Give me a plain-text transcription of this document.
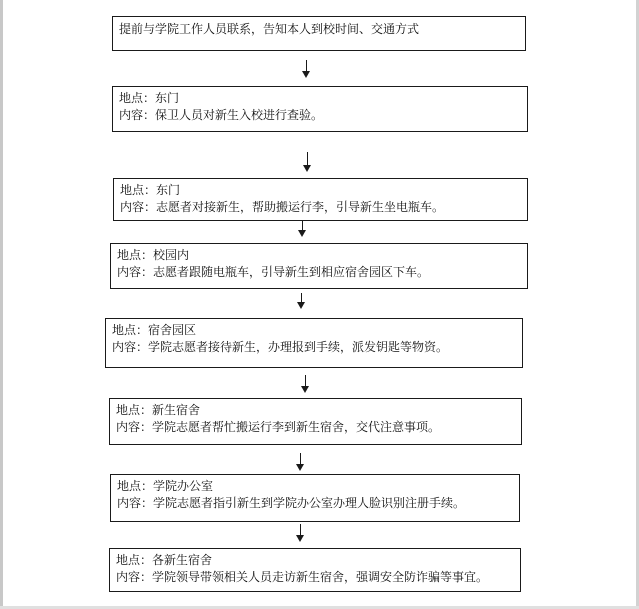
提前与学院工作人员联系，告知本人到校时间、交通方式
地点：东门
内容：保卫人员对新生入校进行查验。
地点：东门
内容：志愿者对接新生，帮助搬运行李，引导新生坐电瓶车。
地点：校园内
内容：志愿者跟随电瓶车，引导新生到相应宿舍园区下车。
地点：宿舍园区
内容：学院志愿者接待新生，办理报到手续，派发钥匙等物资。
地点：新生宿舍
内容：学院志愿者帮忙搬运行李到新生宿舍，交代注意事项。
地点：学院办公室
内容：学院志愿者指引新生到学院办公室办理人脸识别注册手续。
地点：各新生宿舍
内容：学院领导带领相关人员走访新生宿舍，强调安全防诈骗等事宜。
